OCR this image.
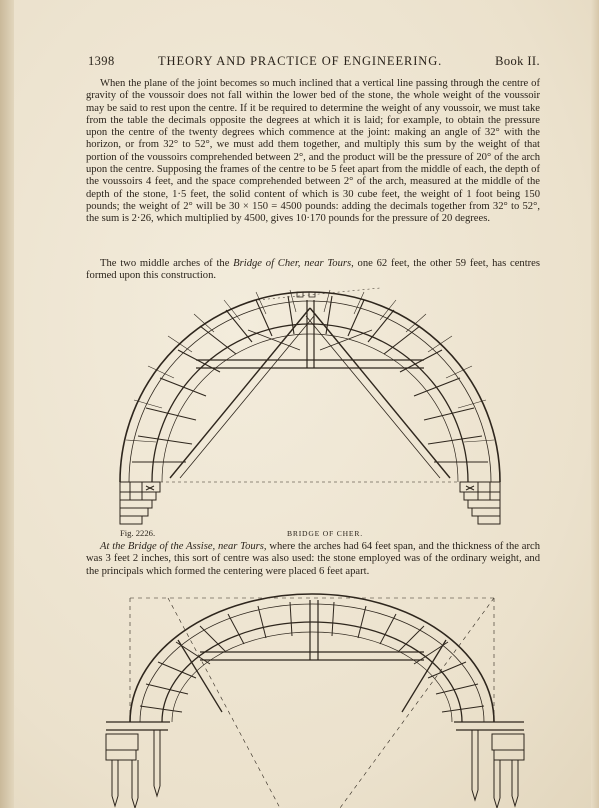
1398	THEORY AND PRACTICE OF ENGINEERING.	Book II.
When the plane of the joint becomes so much inclined that a vertical line passing through the centre of gravity of the voussoir does not fall within the lower bed of the stone, the whole weight of the voussoir may be said to rest upon the centre. If it be required to determine the weight of any voussoir, we must take from the table the decimals opposite the degrees at which it is laid; for example, to obtain the pressure upon the centre of the twenty degrees which commence at the joint: making an angle of 32° with the horizon, or from 32° to 52°, we must add them together, and multiply this sum by the weight of that portion of the voussoirs comprehended between 2°, and the product will be the pressure of 20° of the arch upon the centre. Supposing the frames of the centre to be 5 feet apart from the middle of each, the depth of the voussoirs 4 feet, and the space comprehended between 2° of the arch, measured at the middle of the depth of the stone, 1·5 feet, the solid content of which is 30 cube feet, the weight of 1 foot being 150 pounds; the weight of 2° will be 30 × 150 = 4500 pounds: adding the decimals together from 32° to 52°, the sum is 2·26, which multiplied by 4500, gives 10·170 pounds for the pressure of 20 degrees.
The two middle arches of the Bridge of Cher, near Tours, one 62 feet, the other 59 feet, has centres formed upon this construction.
Fig. 2226.	BRIDGE OF CHER.
At the Bridge of the Assise, near Tours, where the arches had 64 feet span, and the thickness of the arch was 3 feet 2 inches, this sort of centre was also used: the stone employed was of the ordinary weight, and the principals which formed the centering were placed 6 feet apart.
